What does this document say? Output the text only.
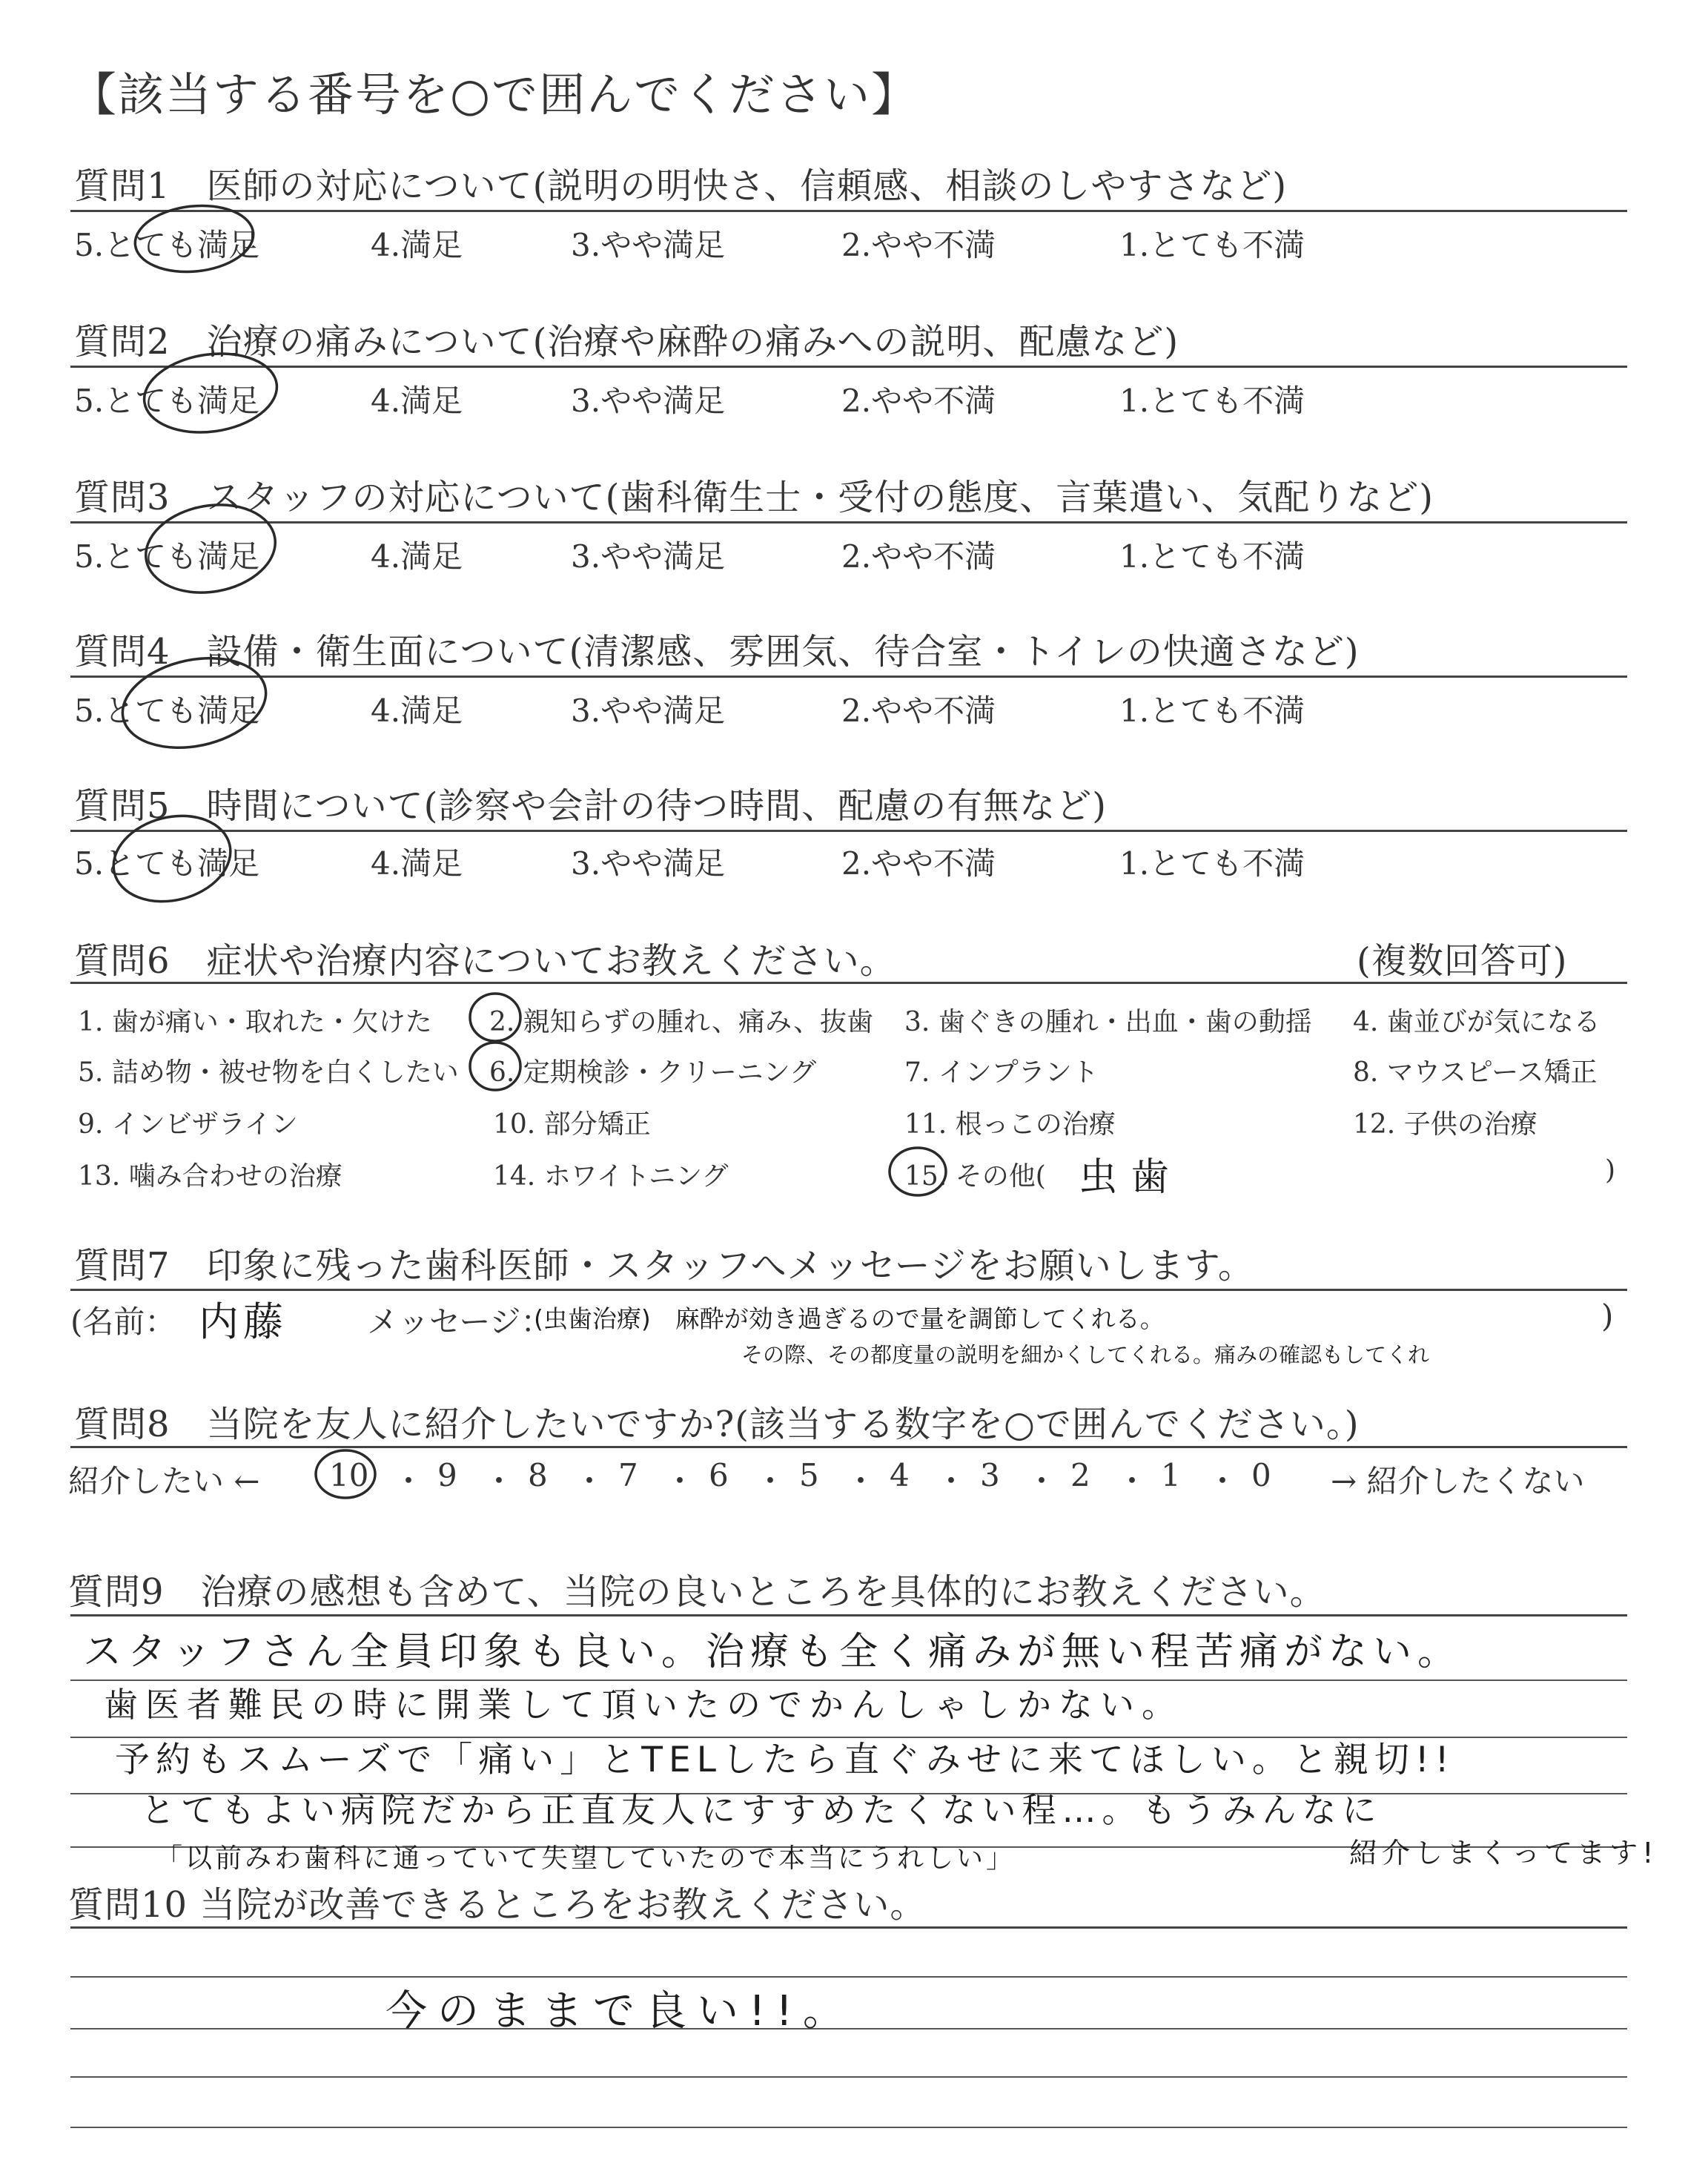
【該当する番号を○で囲んでください】
質問1　医師の対応について(説明の明快さ、信頼感、相談のしやすさなど)
5.とても満足	4.満足	3.やや満足	2.やや不満	1.とても不満
質問2　治療の痛みについて(治療や麻酔の痛みへの説明、配慮など)
5.とても満足	4.満足	3.やや満足	2.やや不満	1.とても不満
質問3　スタッフの対応について(歯科衛生士・受付の態度、言葉遣い、気配りなど)
5.とても満足	4.満足	3.やや満足	2.やや不満	1.とても不満
質問4　設備・衛生面について(清潔感、雰囲気、待合室・トイレの快適さなど)
5.とても満足	4.満足	3.やや満足	2.やや不満	1.とても不満
質問5　時間について(診察や会計の待つ時間、配慮の有無など)
5.とても満足	4.満足	3.やや満足	2.やや不満	1.とても不満
質問6　症状や治療内容についてお教えください。	(複数回答可)
1. 歯が痛い・取れた・欠けた 2. 親知らずの腫れ、痛み、抜歯 3. 歯ぐきの腫れ・出血・歯の動揺 4. 歯並びが気になる
5. 詰め物・被せ物を白くしたい 6. 定期検診・クリーニング	7. インプラント	8. マウスピース矯正
9. インビザライン	10. 部分矯正	11. 根っこの治療	12. 子供の治療
13. 噛み合わせの治療	14. ホワイトニング	15. その他( 虫歯	)
質問7　印象に残った歯科医師・スタッフへメッセージをお願いします。
(名前： 内藤	メッセージ：
(虫歯治療)　麻酔が効き過ぎるので量を調節してくれる。	)
その際、その都度量の説明を細かくしてくれる。痛みの確認もしてくれ
質問8　当院を友人に紹介したいですか?(該当する数字を○で囲んでください。)
紹介したい ← 10 ・ 9 ・ 8 ・ 7 ・ 6 ・ 5 ・ 4 ・ 3 ・ 2 ・ 1 ・ 0 → 紹介したくない
質問9　治療の感想も含めて、当院の良いところを具体的にお教えください。
スタッフさん全員印象も良い。治療も全く痛みが無い程苦痛がない。
歯医者難民の時に開業して頂いたのでかんしゃしかない。
予約もスムーズで「痛い」とTELしたら直ぐみせに来てほしい。と親切!!
とてもよい病院だから正直友人にすすめたくない程…。もうみんなに
「以前みわ歯科に通っていて失望していたので本当にうれしい」	紹介しまくってます!
質問10 当院が改善できるところをお教えください。
今のままで良い!!。
